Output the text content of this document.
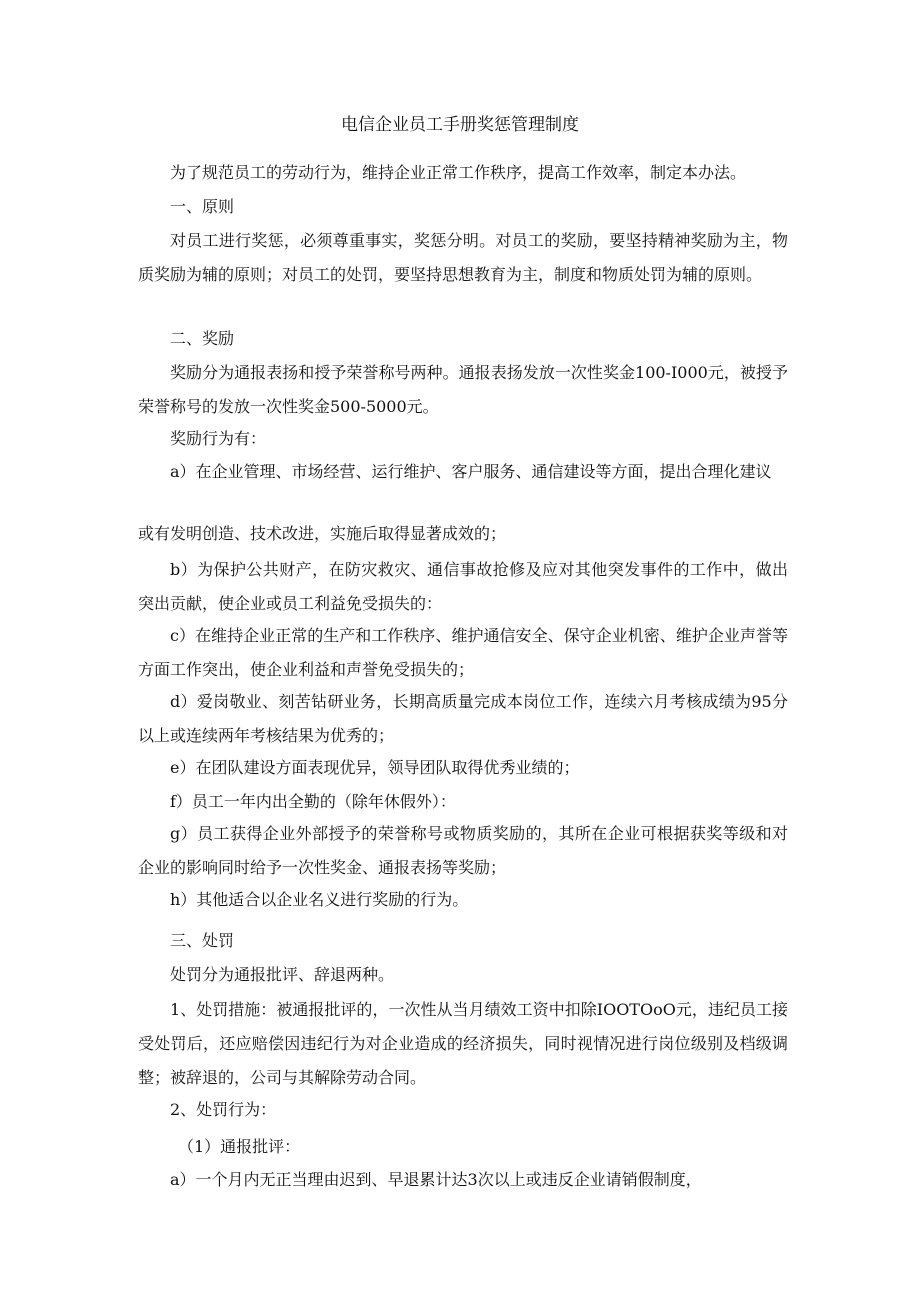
电信企业员工手册奖惩管理制度

为了规范员工的劳动行为，维持企业正常工作秩序，提高工作效率，制定本办法。

一、原则

对员工进行奖惩，必须尊重事实，奖惩分明。对员工的奖励，要坚持精神奖励为主，物质奖励为辅的原则；对员工的处罚，要坚持思想教育为主，制度和物质处罚为辅的原则。

二、奖励

奖励分为通报表扬和授予荣誉称号两种。通报表扬发放一次性奖金100-I000元，被授予荣誉称号的发放一次性奖金500-5000元。

奖励行为有：

a）在企业管理、市场经营、运行维护、客户服务、通信建设等方面，提出合理化建议

或有发明创造、技术改进，实施后取得显著成效的；

b）为保护公共财产，在防灾救灾、通信事故抢修及应对其他突发事件的工作中，做出突出贡献，使企业或员工利益免受损失的：

c）在维持企业正常的生产和工作秩序、维护通信安全、保守企业机密、维护企业声誉等方面工作突出，使企业利益和声誉免受损失的；

d）爱岗敬业、刻苦钻研业务，长期高质量完成本岗位工作，连续六月考核成绩为95分以上或连续两年考核结果为优秀的；

e）在团队建设方面表现优异，领导团队取得优秀业绩的；

f）员工一年内出全勤的（除年休假外）：

g）员工获得企业外部授予的荣誉称号或物质奖励的，其所在企业可根据获奖等级和对企业的影响同时给予一次性奖金、通报表扬等奖励；

h）其他适合以企业名义进行奖励的行为。

三、处罚

处罚分为通报批评、辞退两种。

1、处罚措施：被通报批评的，一次性从当月绩效工资中扣除IOOTOoO元，违纪员工接受处罚后，还应赔偿因违纪行为对企业造成的经济损失，同时视情况进行岗位级别及档级调整；被辞退的，公司与其解除劳动合同。

2、处罚行为：

（1）通报批评：

a）一个月内无正当理由迟到、早退累计达3次以上或违反企业请销假制度，
